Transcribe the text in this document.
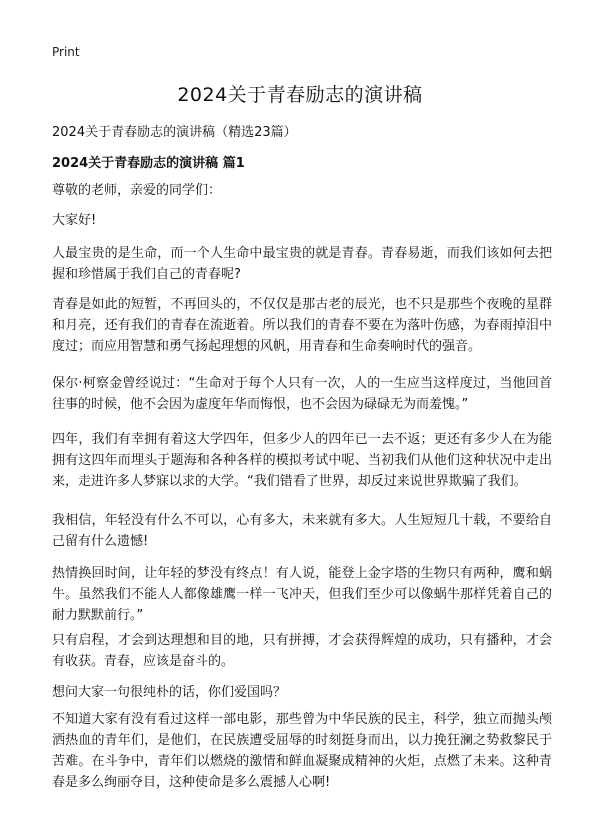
Print
2024关于青春励志的演讲稿
2024关于青春励志的演讲稿（精选23篇）
2024关于青春励志的演讲稿 篇1

尊敬的老师，亲爱的同学们：

大家好!

人最宝贵的是生命，而一个人生命中最宝贵的就是青春。青春易逝，而我们该如何去把握和珍惜属于我们自己的青春呢?

青春是如此的短暂，不再回头的，不仅仅是那古老的辰光，也不只是那些个夜晚的星群和月亮，还有我们的青春在流逝着。所以我们的青春不要在为落叶伤感，为春雨掉泪中度过；而应用智慧和勇气扬起理想的风帆，用青春和生命奏响时代的强音。

保尔·柯察金曾经说过：“生命对于每个人只有一次，人的一生应当这样度过，当他回首往事的时候，他不会因为虚度年华而悔恨，也不会因为碌碌无为而羞愧。”

四年，我们有幸拥有着这大学四年，但多少人的四年已一去不返；更还有多少人在为能拥有这四年而埋头于题海和各种各样的模拟考试中呢、当初我们从他们这种状况中走出来，走进许多人梦寐以求的大学。“我们错看了世界，却反过来说世界欺骗了我们。

我相信，年轻没有什么不可以，心有多大，未来就有多大。人生短短几十载，不要给自己留有什么遗憾!

热情换回时间，让年轻的梦没有终点！有人说，能登上金字塔的生物只有两种，鹰和蜗牛。虽然我们不能人人都像雄鹰一样一飞冲天，但我们至少可以像蜗牛那样凭着自己的耐力默默前行。”

只有启程，才会到达理想和目的地，只有拼搏，才会获得辉煌的成功，只有播种，才会有收获。青春，应该是奋斗的。

想问大家一句很纯朴的话，你们爱国吗？

不知道大家有没有看过这样一部电影，那些曾为中华民族的民主，科学，独立而抛头颅洒热血的青年们，是他们，在民族遭受屈辱的时刻挺身而出，以力挽狂澜之势救黎民于苦难。在斗争中，青年们以燃烧的激情和鲜血凝聚成精神的火炬，点燃了未来。这种青春是多么绚丽夺目，这种使命是多么震撼人心啊!
